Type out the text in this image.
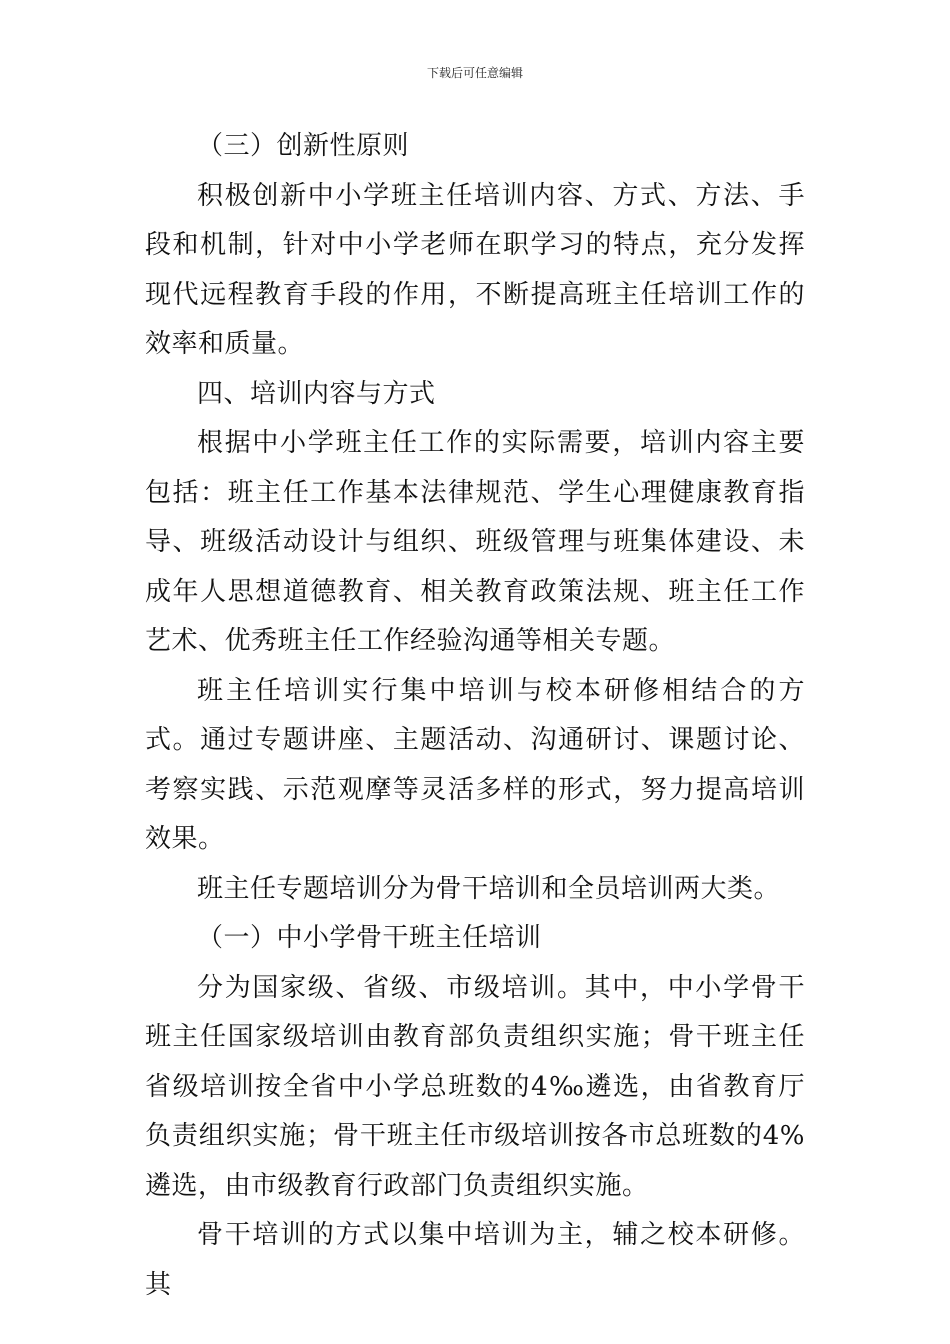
下载后可任意编辑

（三）创新性原则

积极创新中小学班主任培训内容、方式、方法、手段和机制，针对中小学老师在职学习的特点，充分发挥现代远程教育手段的作用，不断提高班主任培训工作的效率和质量。

四、培训内容与方式

根据中小学班主任工作的实际需要，培训内容主要包括：班主任工作基本法律规范、学生心理健康教育指导、班级活动设计与组织、班级管理与班集体建设、未成年人思想道德教育、相关教育政策法规、班主任工作艺术、优秀班主任工作经验沟通等相关专题。

班主任培训实行集中培训与校本研修相结合的方式。通过专题讲座、主题活动、沟通研讨、课题讨论、考察实践、示范观摩等灵活多样的形式，努力提高培训效果。

班主任专题培训分为骨干培训和全员培训两大类。

（一）中小学骨干班主任培训

分为国家级、省级、市级培训。其中，中小学骨干班主任国家级培训由教育部负责组织实施；骨干班主任省级培训按全省中小学总班数的4‰遴选，由省教育厅负责组织实施；骨干班主任市级培训按各市总班数的4%遴选，由市级教育行政部门负责组织实施。

骨干培训的方式以集中培训为主，辅之校本研修。其
